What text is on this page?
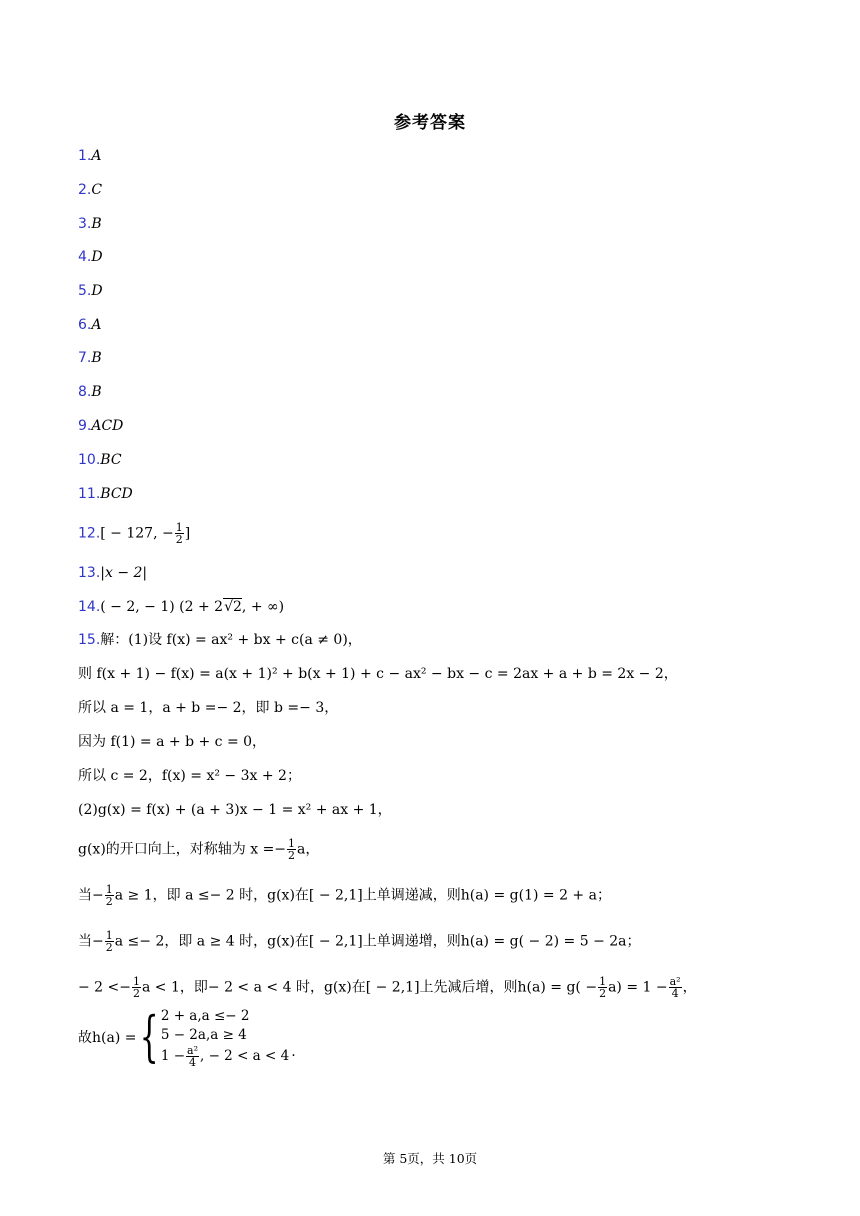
参考答案
1.A
2.C
3.B
4.D
5.D
6.A
7.B
8.B
9.ACD
10.BC
11.BCD
12.[ − 127, − $\frac{1}{2}$ ]
13.|x − 2|
14.( − 2, − 1) (2 + 2√2, + ∞)
15.解：(1)设 f(x) = ax² + bx + c(a ≠ 0)，
则 f(x + 1) − f(x) = a(x + 1)² + b(x + 1) + c − ax² − bx − c = 2ax + a + b = 2x − 2，
所以 a = 1，a + b =− 2，即 b =− 3，
因为 f(1) = a + b + c = 0，
所以 c = 2，f(x) = x² − 3x + 2；
(2)g(x) = f(x) + (a + 3)x − 1 = x² + ax + 1，
g(x)的开口向上，对称轴为 $x =- \frac{1}{2}$ a，
当− $\frac{1}{2}$ a ≥ 1，即 a ≤− 2 时，g(x)在[ − 2,1]上单调递减，则h(a) = g(1) = 2 + a；
当− $\frac{1}{2}$ a ≤− 2，即 a ≥ 4 时，g(x)在[ − 2,1]上单调递增，则h(a) = g( − 2) = 5 − 2a；
− $2 <- \frac{1}{2}$ a < 1，即− 2 < a < 4 时，g(x)在[ − 2,1]上先减后增，则$h(a) = g( - \frac{1}{2} a) = 1 - \frac{\text{a²}}{4}$ ，
故h(a) = { 2 + a,a ≤− 2
5 − 2a,a ≥ 4
$1 - \frac{\text{a²}}{4}$ , − 2 < a < 4 .
第 5页，共 10页
